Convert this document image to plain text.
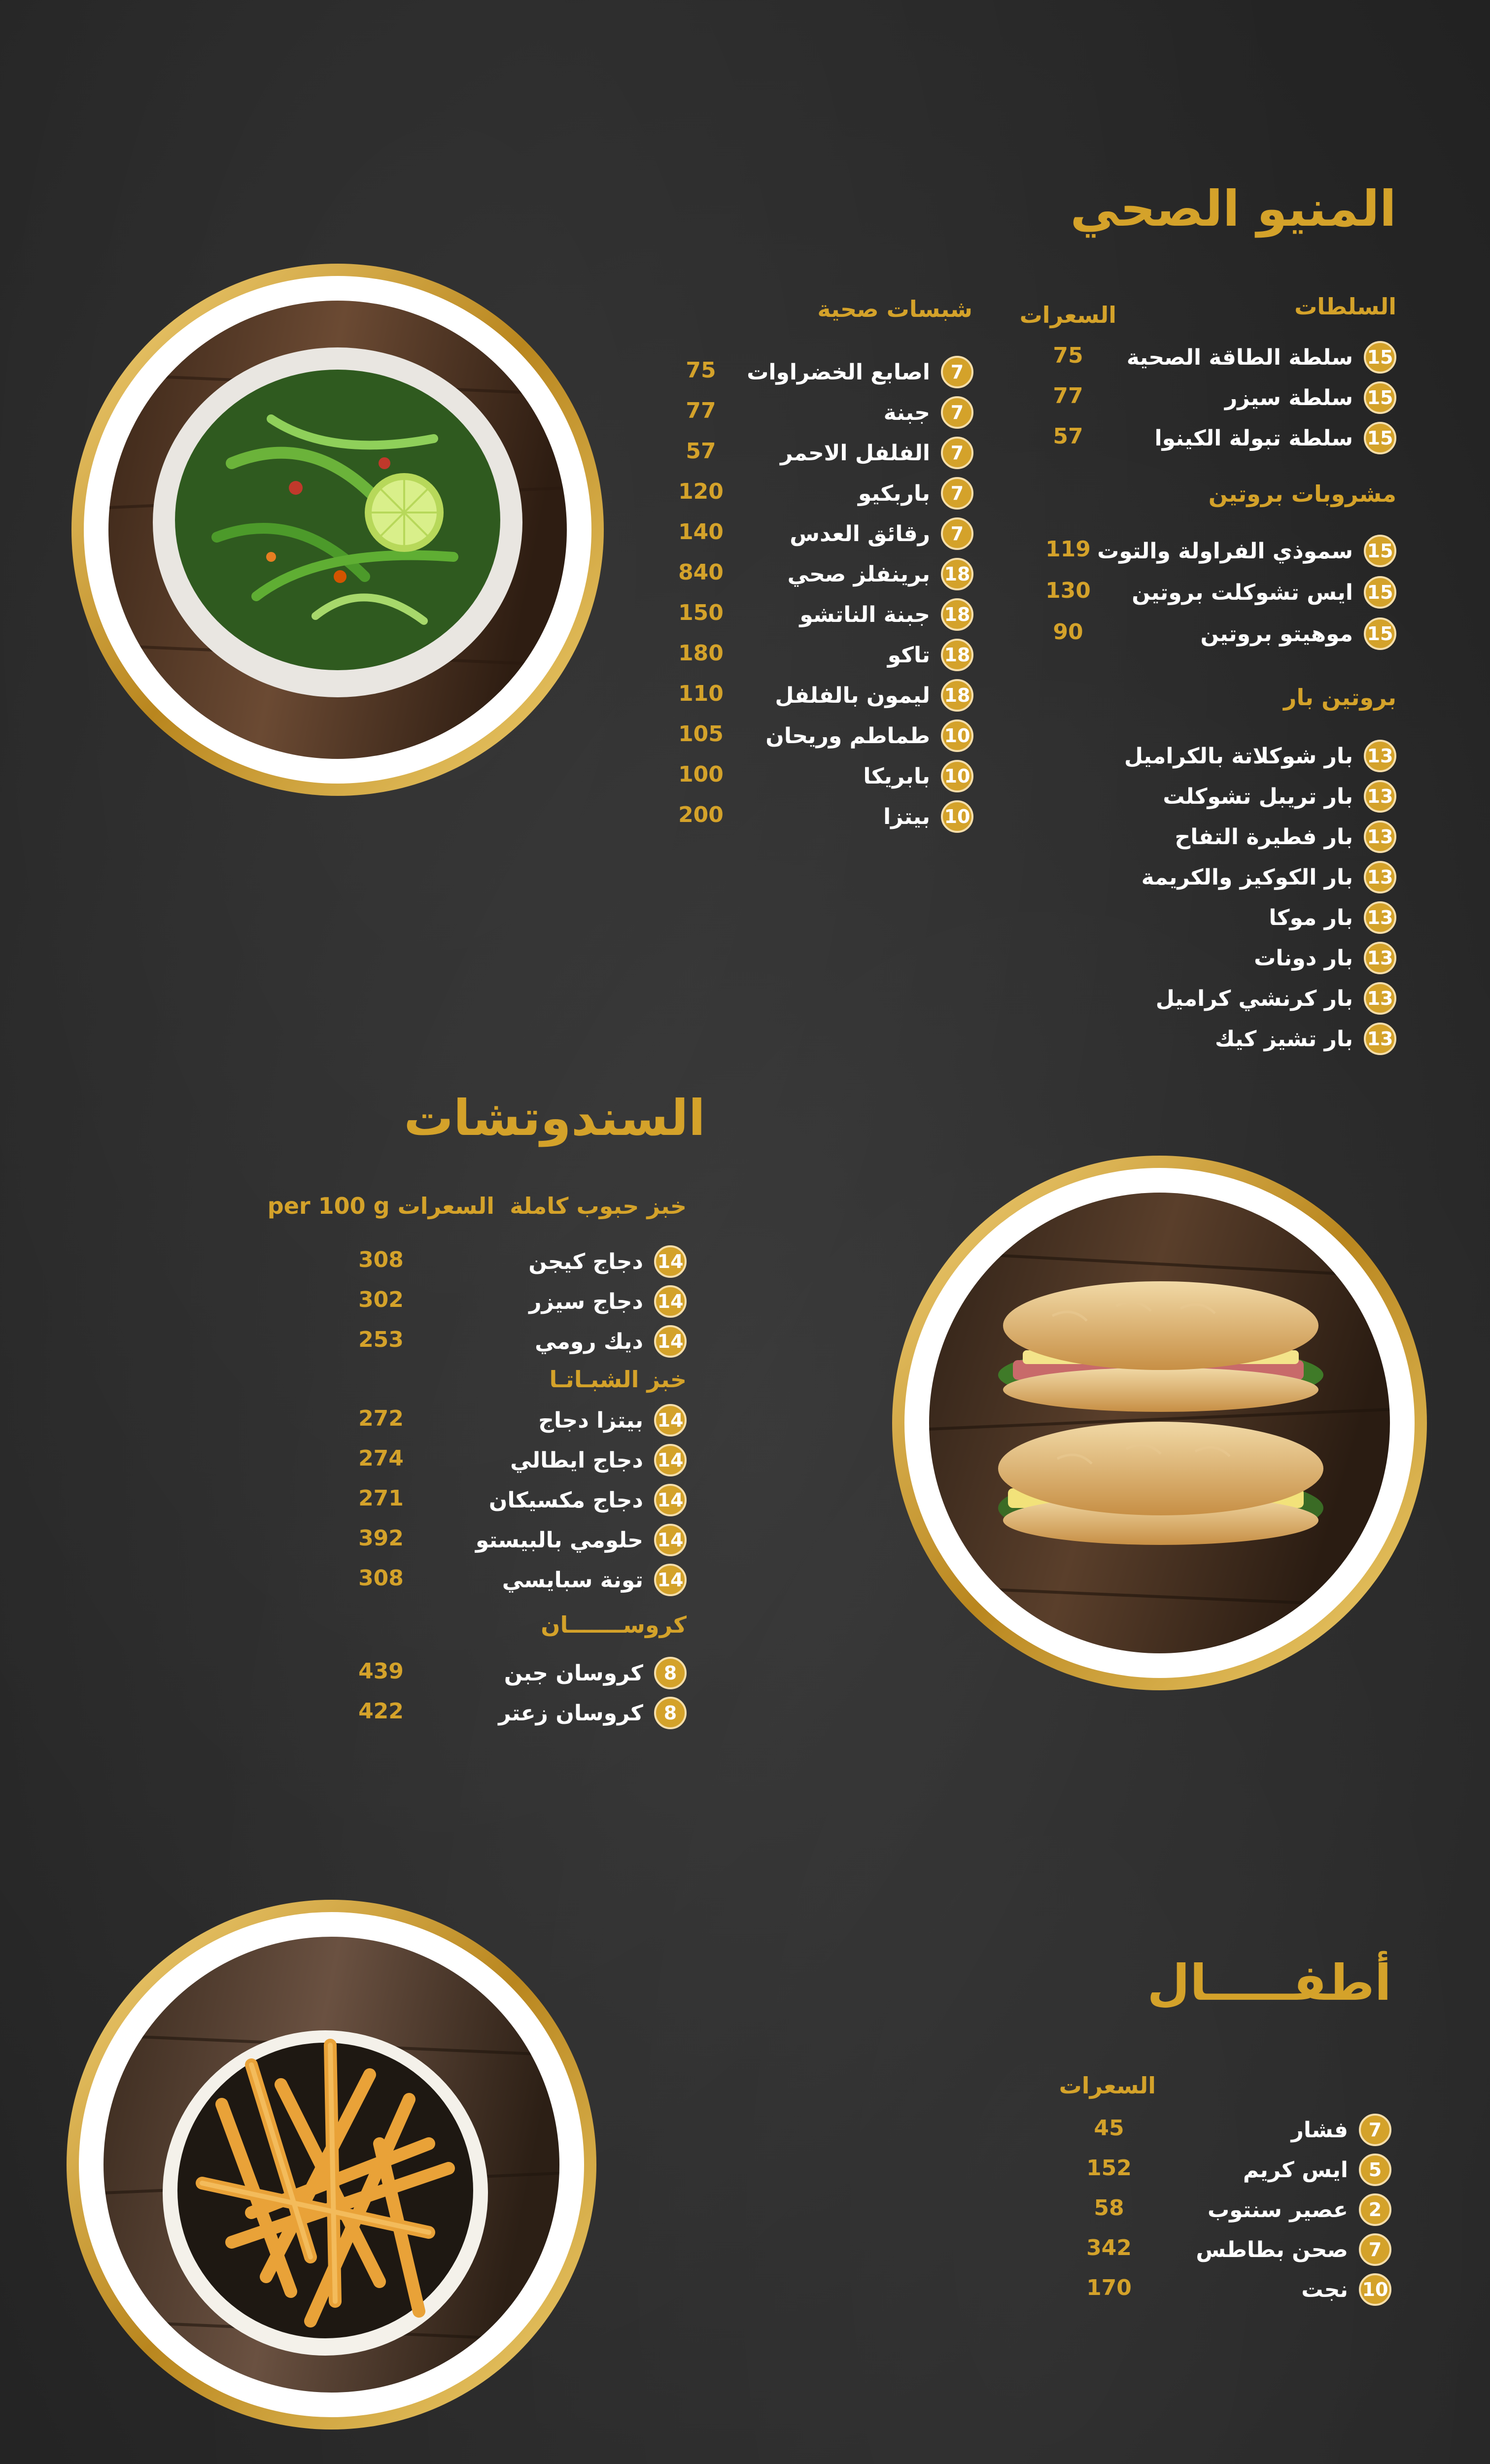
المنيو الصحي
السلطات
السعرات
15
سلطة الطاقة الصحية
75
15
سلطة سيزر
77
15
سلطة تبولة الكينوا
57
مشروبات بروتين
15
سموذي الفراولة والتوت
119
15
ايس تشوكلت بروتين
130
15
موهيتو بروتين
90
بروتين بار
13
بار شوكلاتة بالكراميل
13
بار تريبل تشوكلت
13
بار فطيرة التفاح
13
بار الكوكيز والكريمة
13
بار موكا
13
بار دونات
13
بار كرنشي كراميل
13
بار تشيز كيك
شبسات صحية
7
اصابع الخضراوات
75
7
جبنة
77
7
الفلفل الاحمر
57
7
باربكيو
120
7
رقائق العدس
140
18
برينفلز صحي
840
18
جبنة الناتشو
150
18
تاكو
180
18
ليمون بالفلفل
110
10
طماطم وريحان
105
10
بابريكا
100
10
بيتزا
200
السندوتشات
خبز حبوب كاملة
السعرات per 100 g
14
دجاج كيجن
308
14
دجاج سيزر
302
14
ديك رومي
253
خبز الشبـاتـا
14
بيتزا دجاج
272
14
دجاج ايطالي
274
14
دجاج مكسيكان
271
14
حلومي بالبيستو
392
14
تونة سبايسي
308
كروســـــــان
8
كروسان جبن
439
8
كروسان زعتر
422
أطفـــــال
السعرات
7
فشار
45
5
ايس كريم
152
2
عصير سنتوب
58
7
صحن بطاطس
342
10
نجت
170
